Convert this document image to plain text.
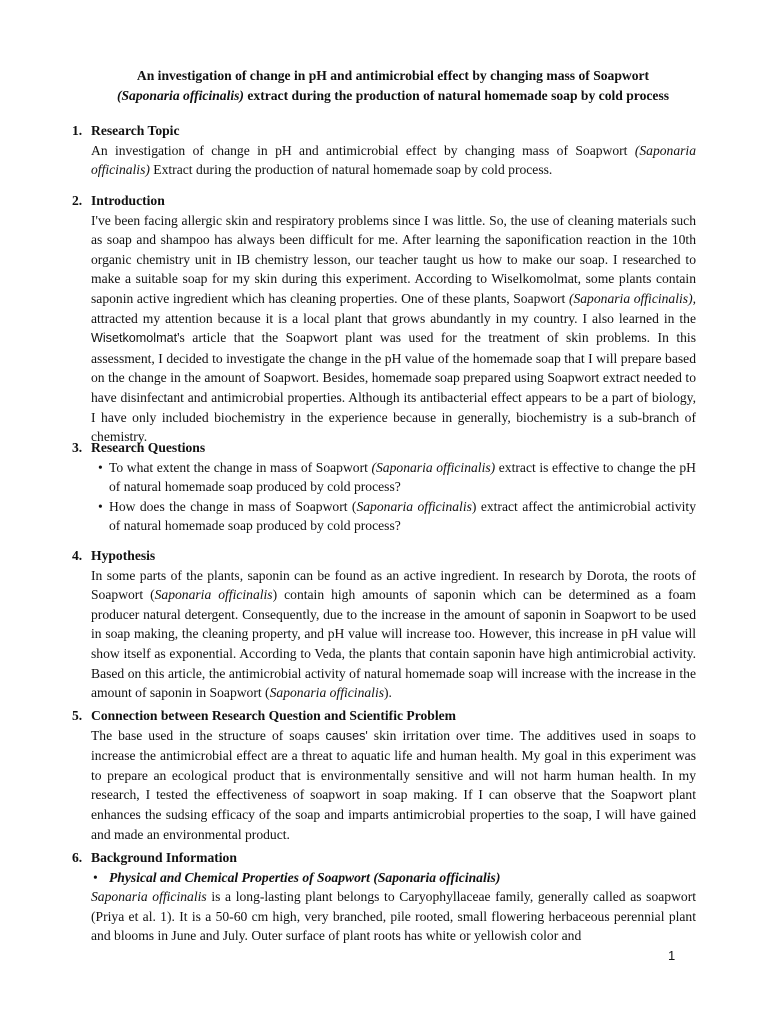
An investigation of change in pH and antimicrobial effect by changing mass of Soapwort
(Saponaria officinalis) extract during the production of natural homemade soap by cold process
1. Research Topic
An investigation of change in pH and antimicrobial effect by changing mass of Soapwort (Saponaria officinalis) Extract during the production of natural homemade soap by cold process.
2. Introduction
I've been facing allergic skin and respiratory problems since I was little. So, the use of cleaning materials such as soap and shampoo has always been difficult for me. After learning the saponification reaction in the 10th organic chemistry unit in IB chemistry lesson, our teacher taught us how to make our soap. I researched to make a suitable soap for my skin during this experiment. According to Wiselkomolmat, some plants contain saponin active ingredient which has cleaning properties. One of these plants, Soapwort (Saponaria officinalis), attracted my attention because it is a local plant that grows abundantly in my country. I also learned in the Wisetkomolmat's article that the Soapwort plant was used for the treatment of skin problems. In this assessment, I decided to investigate the change in the pH value of the homemade soap that I will prepare based on the change in the amount of Soapwort. Besides, homemade soap prepared using Soapwort extract needed to have disinfectant and antimicrobial properties. Although its antibacterial effect appears to be a part of biology, I have only included biochemistry in the experience because in generally, biochemistry is a sub-branch of chemistry.
3. Research Questions
• To what extent the change in mass of Soapwort (Saponaria officinalis) extract is effective to change the pH of natural homemade soap produced by cold process?
• How does the change in mass of Soapwort (Saponaria officinalis) extract affect the antimicrobial activity of natural homemade soap produced by cold process?
4. Hypothesis
In some parts of the plants, saponin can be found as an active ingredient. In research by Dorota, the roots of Soapwort (Saponaria officinalis) contain high amounts of saponin which can be determined as a foam producer natural detergent. Consequently, due to the increase in the amount of saponin in Soapwort to be used in soap making, the cleaning property, and pH value will increase too. However, this increase in pH value will show itself as exponential. According to Veda, the plants that contain saponin have high antimicrobial activity. Based on this article, the antimicrobial activity of natural homemade soap will increase with the increase in the amount of saponin in Soapwort (Saponaria officinalis).
5. Connection between Research Question and Scientific Problem
The base used in the structure of soaps causes' skin irritation over time. The additives used in soaps to increase the antimicrobial effect are a threat to aquatic life and human health. My goal in this experiment was to prepare an ecological product that is environmentally sensitive and will not harm human health. In my research, I tested the effectiveness of soapwort in soap making. If I can observe that the Soapwort plant enhances the sudsing efficacy of the soap and imparts antimicrobial properties to the soap, I will have gained and made an environmental product.
6. Background Information
• Physical and Chemical Properties of Soapwort (Saponaria officinalis)
Saponaria officinalis is a long-lasting plant belongs to Caryophyllaceae family, generally called as soapwort (Priya et al. 1). It is a 50-60 cm high, very branched, pile rooted, small flowering herbaceous perennial plant and blooms in June and July. Outer surface of plant roots has white or yellowish color and
1
